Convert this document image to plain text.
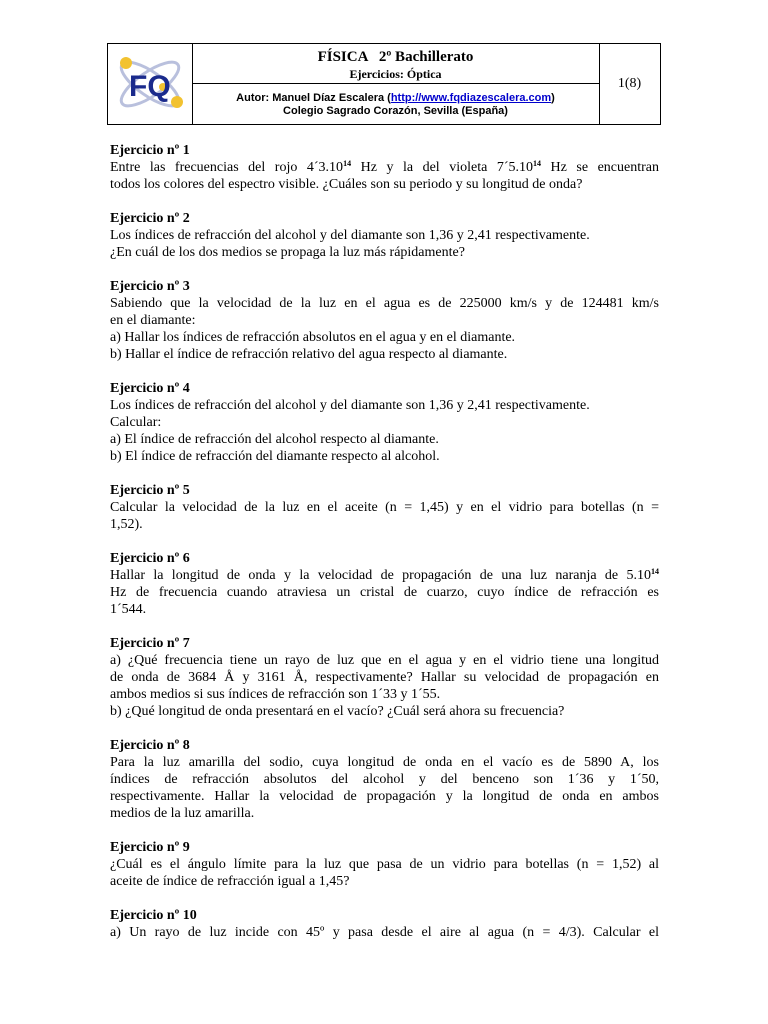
FQ
FÍSICA   2º Bachillerato
Ejercicios: Óptica
Autor: Manuel Díaz Escalera (http://www.fqdiazescalera.com)
Colegio Sagrado Corazón, Sevilla (España)
1(8)
Ejercicio nº 1
Entre las frecuencias del rojo 4´3.10$^{14}$ Hz y la del violeta 7´5.10$^{14}$ Hz se encuentran
todos los colores del espectro visible. ¿Cuáles son su periodo y su longitud de onda?
Ejercicio nº 2
Los índices de refracción del alcohol y del diamante son 1,36 y 2,41 respectivamente.
¿En cuál de los dos medios se propaga la luz más rápidamente?
Ejercicio nº 3
Sabiendo que la velocidad de la luz en el agua es de 225000 km/s y de 124481 km/s
en el diamante:
a) Hallar los índices de refracción absolutos en el agua y en el diamante.
b) Hallar el índice de refracción relativo del agua respecto al diamante.
Ejercicio nº 4
Los índices de refracción del alcohol y del diamante son 1,36 y 2,41 respectivamente.
Calcular:
a) El índice de refracción del alcohol respecto al diamante.
b) El índice de refracción del diamante respecto al alcohol.
Ejercicio nº 5
Calcular la velocidad de la luz en el aceite (n = 1,45) y en el vidrio para botellas (n =
1,52).
Ejercicio nº 6
Hallar la longitud de onda y la velocidad de propagación de una luz naranja de 5.10$^{14}$
Hz de frecuencia cuando atraviesa un cristal de cuarzo, cuyo índice de refracción es
1´544.
Ejercicio nº 7
a) ¿Qué frecuencia tiene un rayo de luz que en el agua y en el vidrio tiene una longitud
de onda de 3684 Å y 3161 Å, respectivamente? Hallar su velocidad de propagación en
ambos medios si sus índices de refracción son 1´33 y 1´55.
b) ¿Qué longitud de onda presentará en el vacío? ¿Cuál será ahora su frecuencia?
Ejercicio nº 8
Para la luz amarilla del sodio, cuya longitud de onda en el vacío es de 5890 A, los
índices de refracción absolutos del alcohol y del benceno son 1´36 y 1´50,
respectivamente. Hallar la velocidad de propagación y la longitud de onda en ambos
medios de la luz amarilla.
Ejercicio nº 9
¿Cuál es el ángulo límite para la luz que pasa de un vidrio para botellas (n = 1,52) al
aceite de índice de refracción igual a 1,45?
Ejercicio nº 10
a) Un rayo de luz incide con 45º y pasa desde el aire al agua (n = 4/3). Calcular el
